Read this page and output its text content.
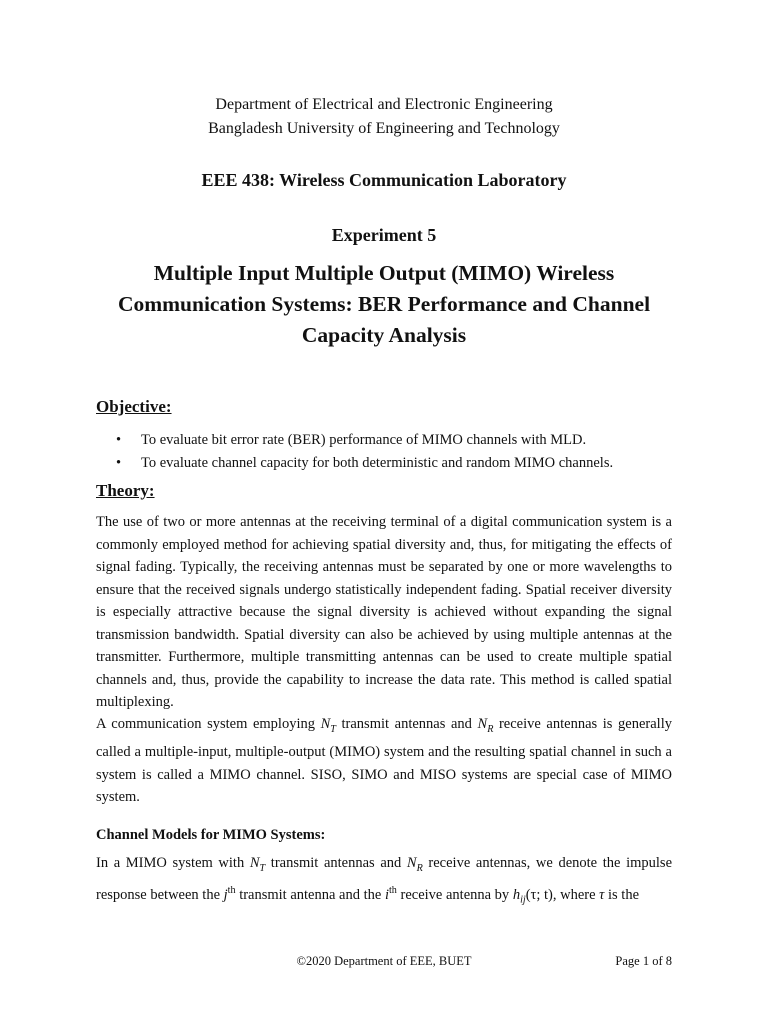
Department of Electrical and Electronic Engineering
Bangladesh University of Engineering and Technology
EEE 438: Wireless Communication Laboratory
Experiment 5
Multiple Input Multiple Output (MIMO) Wireless
Communication Systems: BER Performance and Channel
Capacity Analysis
Objective:
• To evaluate bit error rate (BER) performance of MIMO channels with MLD.
• To evaluate channel capacity for both deterministic and random MIMO channels.
Theory:

The use of two or more antennas at the receiving terminal of a digital communication system is a commonly employed method for achieving spatial diversity and, thus, for mitigating the effects of signal fading. Typically, the receiving antennas must be separated by one or more wavelengths to ensure that the received signals undergo statistically independent fading. Spatial receiver diversity is especially attractive because the signal diversity is achieved without expanding the signal transmission bandwidth. Spatial diversity can also be achieved by using multiple antennas at the transmitter. Furthermore, multiple transmitting antennas can be used to create multiple spatial channels and, thus, provide the capability to increase the data rate. This method is called spatial multiplexing.

A communication system employing $N_T$ transmit antennas and $N_R$ receive antennas is generally called a multiple-input, multiple-output (MIMO) system and the resulting spatial channel in such a system is called a MIMO channel. SISO, SIMO and MISO systems are special case of MIMO system.

Channel Models for MIMO Systems:

In a MIMO system with $N_T$ transmit antennas and $N_R$ receive antennas, we denote the impulse response between the $j^{th}$ transmit antenna and the $i^{th}$ receive antenna by $h_{ij}(\tau$; t), where τ is the

©2020 Department of EEE, BUET	Page 1 of 8
